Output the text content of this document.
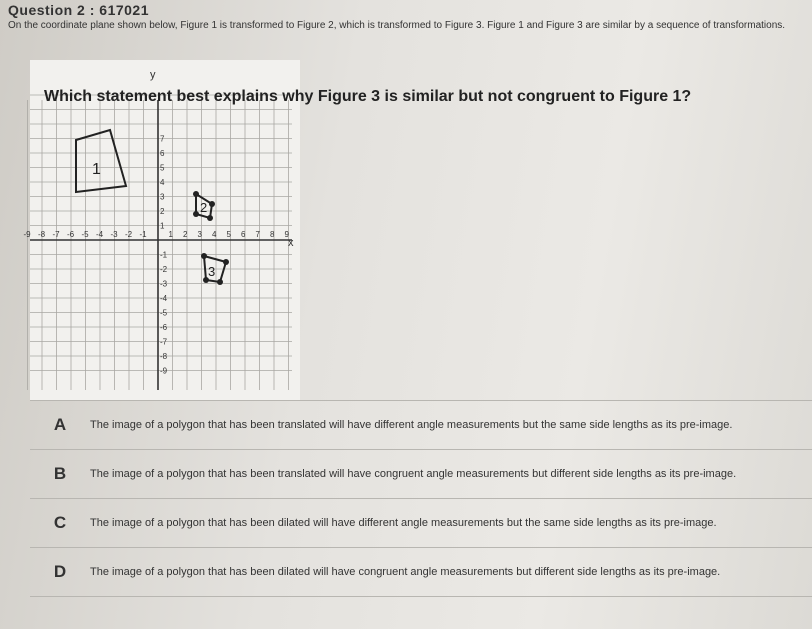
Question 2 : 617021
On the coordinate plane shown below, Figure 1 is transformed to Figure 2, which is transformed to Figure 3. Figure 1 and Figure 3 are similar by a sequence of transformations.
-9 -8 -7 -6 -5 -4 -3 -2 -1	1 2 3 4 5 6 7 8 9
7
6
5
4
3
2
1
-1
-2
-3
-4
-5
-6
-7
-8
-9
x
y
1
2
3
Which statement best explains why Figure 3 is similar but not congruent to Figure 1?
A	The image of a polygon that has been translated will have different angle measurements but the same side lengths as its pre-image.
B	The image of a polygon that has been translated will have congruent angle measurements but different side lengths as its pre-image.
C	The image of a polygon that has been dilated will have different angle measurements but the same side lengths as its pre-image.
D	The image of a polygon that has been dilated will have congruent angle measurements but different side lengths as its pre-image.
